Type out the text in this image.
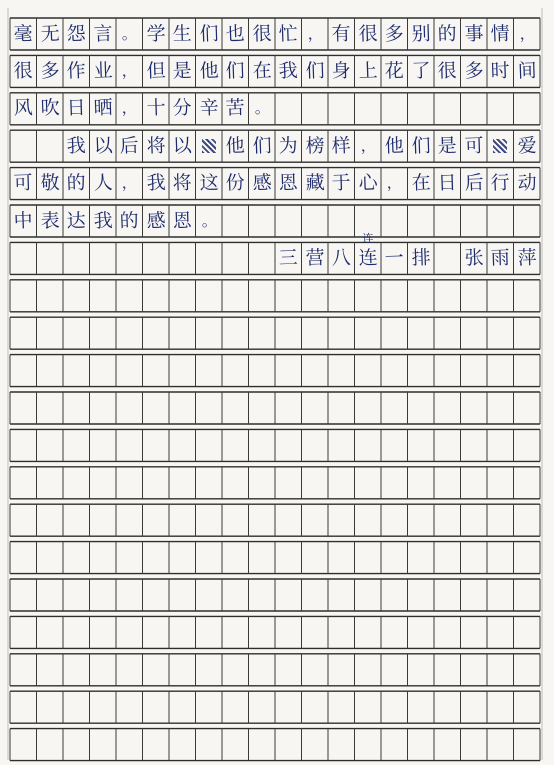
毫 无 怨 言 。 学 生 们 也 很 忙 ， 有 很 多 别 的 事 情 ，
很 多 作 业 ， 但 是 他 们 在 我 们 身 上 花 了 很 多 时 间
风 吹 日 晒 ， 十 分 辛 苦 。
我 以 后 将 以 他 们 为 榜 样 ， 他 们 是 可 爱
可 敬 的 人 ， 我 将 这 份 感 恩 藏 于 心 ， 在 日 后 行 动
中 表 达 我 的 感 恩 。
三 营 八 连 一 排 张 雨 萍
连
